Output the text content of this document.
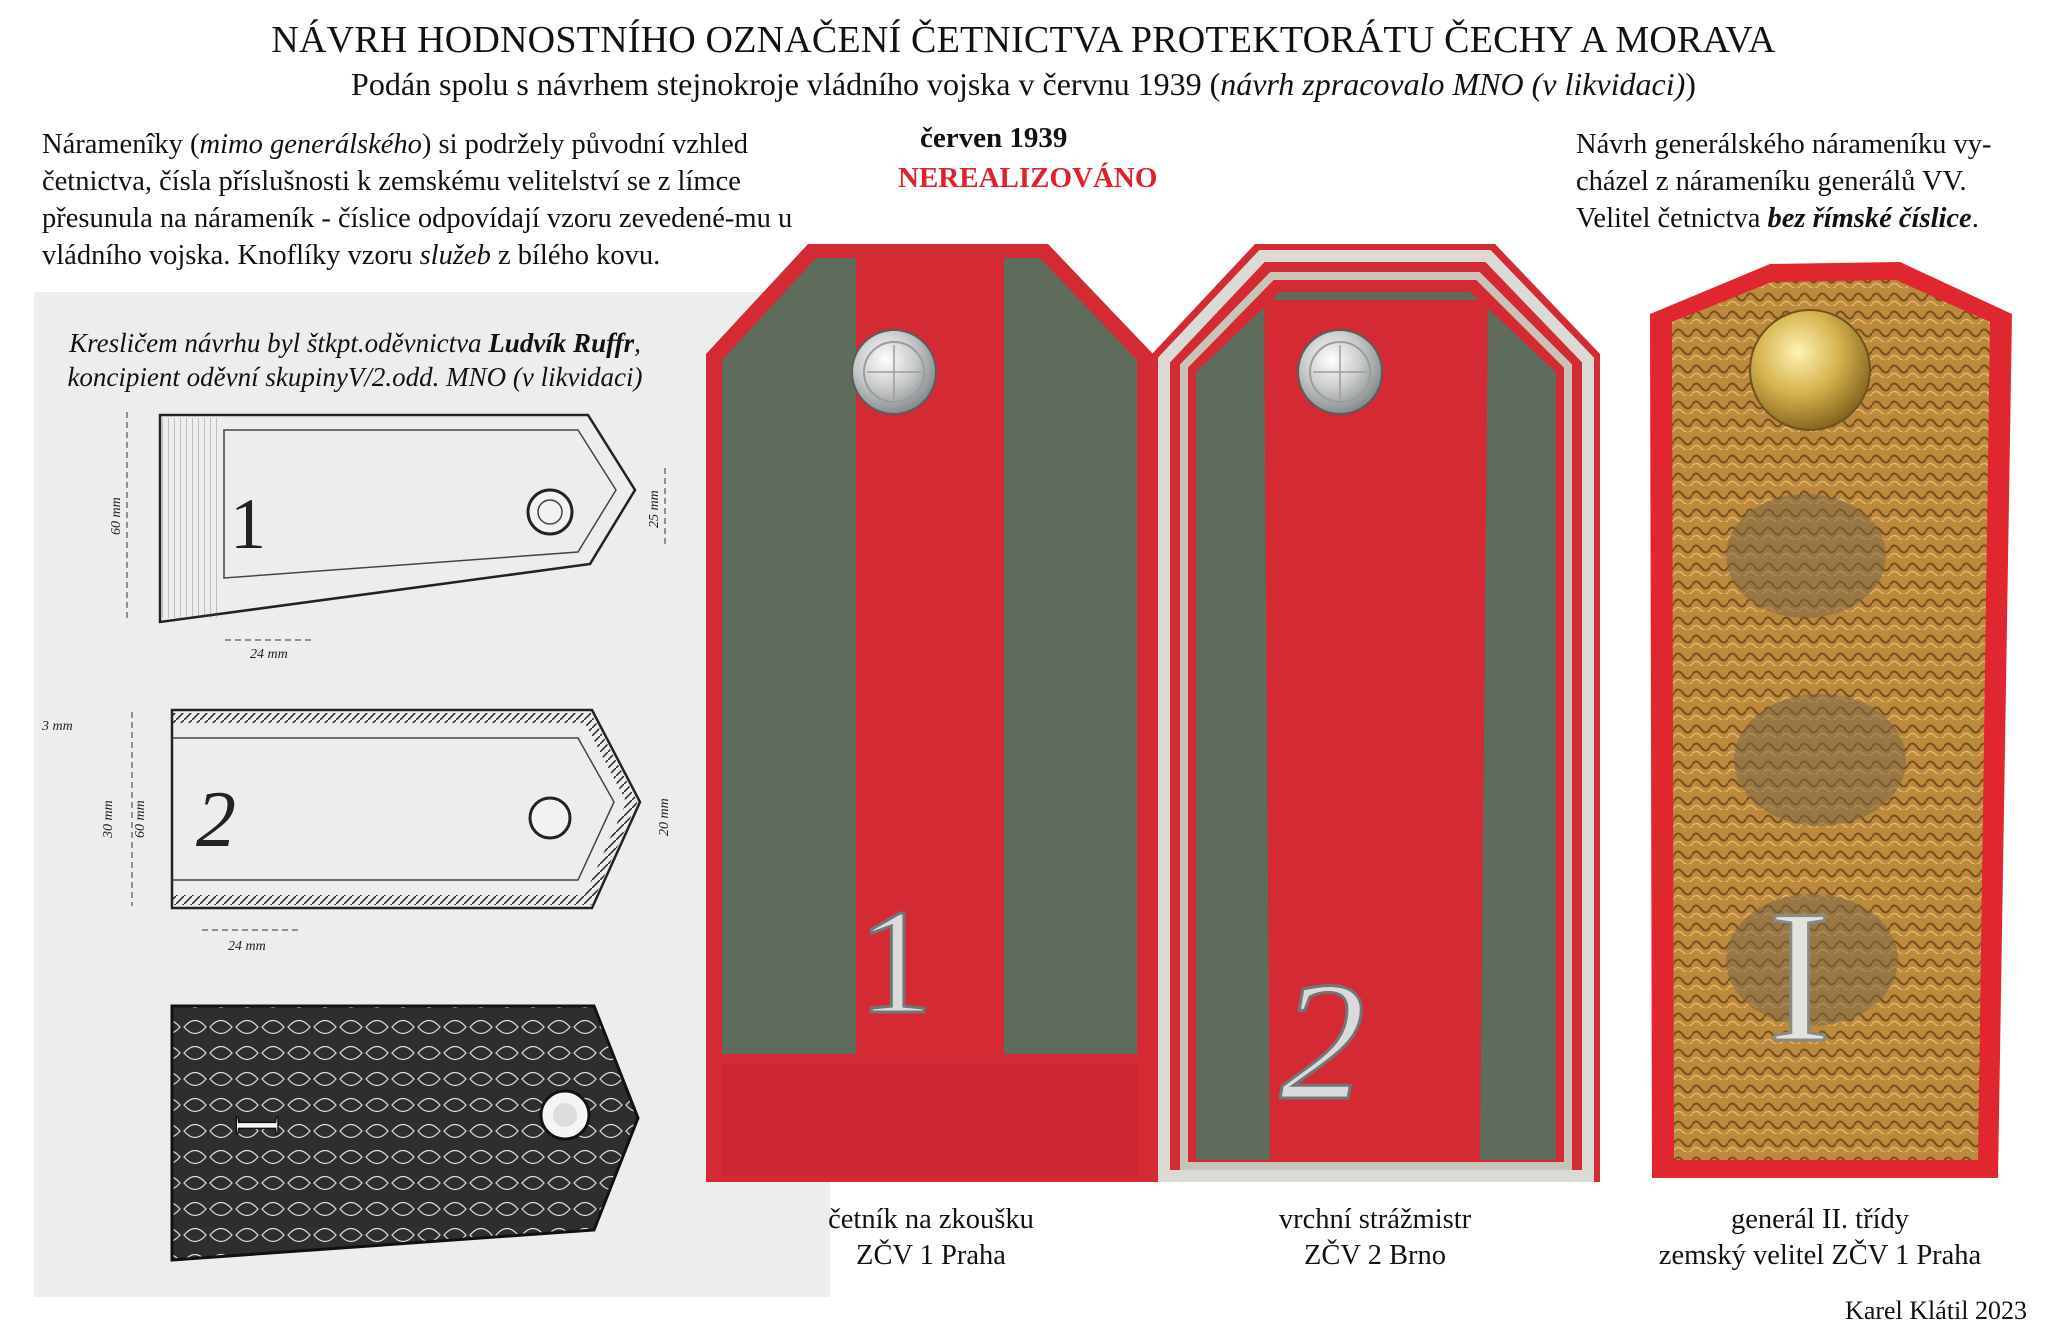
NÁVRH HODNOSTNÍHO OZNAČENÍ ČETNICTVA PROTEKTORÁTU ČECHY A MORAVA
Podán spolu s návrhem stejnokroje vládního vojska v červnu 1939 (návrh zpracovalo MNO (v likvidaci))
Náramenîky (mimo generálského) si podržely původní vzhled četnictva, čísla příslušnosti k zemskému velitelství se z límce přesunula na nárameník - číslice odpovídají vzoru zevedené-mu u vládního vojska. Knoflíky vzoru služeb z bílého kovu.
červen 1939
NEREALIZOVÁNO
Návrh generálského nárameníku vy-cházel z nárameníku generálů VV. Velitel četnictva bez římské číslice.
Kresličem návrhu byl štkpt.oděvnictva Ludvík Ruffr,
koncipient oděvní skupinyV/2.odd. MNO (v likvidaci)
1
60 mm	25 mm
24 mm
2
3 mm
30 mm 60 mm	20 mm
24 mm
I
1 2 I
četník na zkoušku
ZČV 1 Praha
vrchní strážmistr
ZČV 2 Brno
generál II. třídy
zemský velitel ZČV 1 Praha
Karel Klátil 2023
